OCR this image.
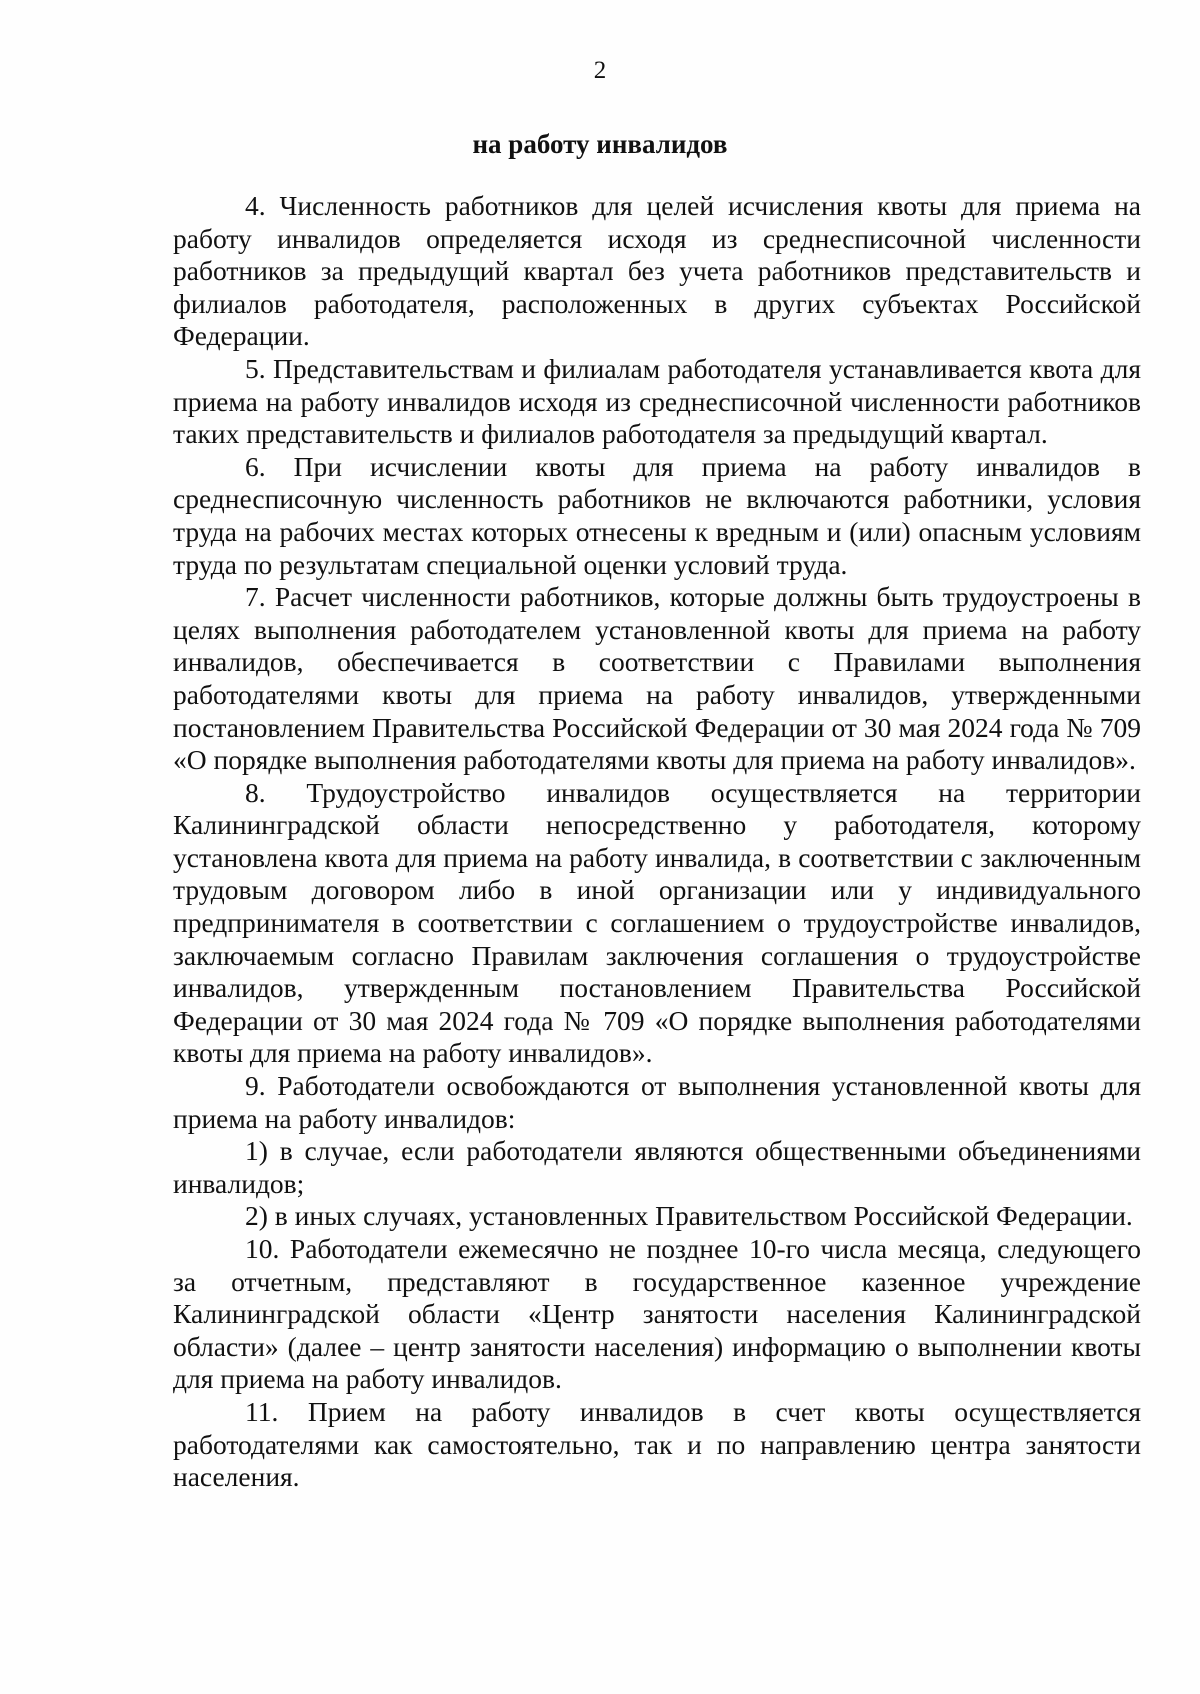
2
на работу инвалидов

4. Численность работников для целей исчисления квоты для приема на работу инвалидов определяется исходя из среднесписочной численности работников за предыдущий квартал без учета работников представительств и филиалов работодателя, расположенных в других субъектах Российской Федерации.

5. Представительствам и филиалам работодателя устанавливается квота для приема на работу инвалидов исходя из среднесписочной численности работников таких представительств и филиалов работодателя за предыдущий квартал.

6. При исчислении квоты для приема на работу инвалидов в среднесписочную численность работников не включаются работники, условия труда на рабочих местах которых отнесены к вредным и (или) опасным условиям труда по результатам специальной оценки условий труда.

7. Расчет численности работников, которые должны быть трудоустроены в целях выполнения работодателем установленной квоты для приема на работу инвалидов, обеспечивается в соответствии с Правилами выполнения работодателями квоты для приема на работу инвалидов, утвержденными постановлением Правительства Российской Федерации от 30 мая 2024 года № 709 «О порядке выполнения работодателями квоты для приема на работу инвалидов».

8. Трудоустройство инвалидов осуществляется на территории Калининградской области непосредственно у работодателя, которому установлена квота для приема на работу инвалида, в соответствии с заключенным трудовым договором либо в иной организации или у индивидуального предпринимателя в соответствии с соглашением о трудоустройстве инвалидов, заключаемым согласно Правилам заключения соглашения о трудоустройстве инвалидов, утвержденным постановлением Правительства Российской Федерации от 30 мая 2024 года № 709 «О порядке выполнения работодателями квоты для приема на работу инвалидов».

9. Работодатели освобождаются от выполнения установленной квоты для приема на работу инвалидов:

1) в случае, если работодатели являются общественными объединениями инвалидов;

2) в иных случаях, установленных Правительством Российской Федерации.

10. Работодатели ежемесячно не позднее 10-го числа месяца, следующего за отчетным, представляют в государственное казенное учреждение Калининградской области «Центр занятости населения Калининградской области» (далее – центр занятости населения) информацию о выполнении квоты для приема на работу инвалидов.

11. Прием на работу инвалидов в счет квоты осуществляется работодателями как самостоятельно, так и по направлению центра занятости населения.
